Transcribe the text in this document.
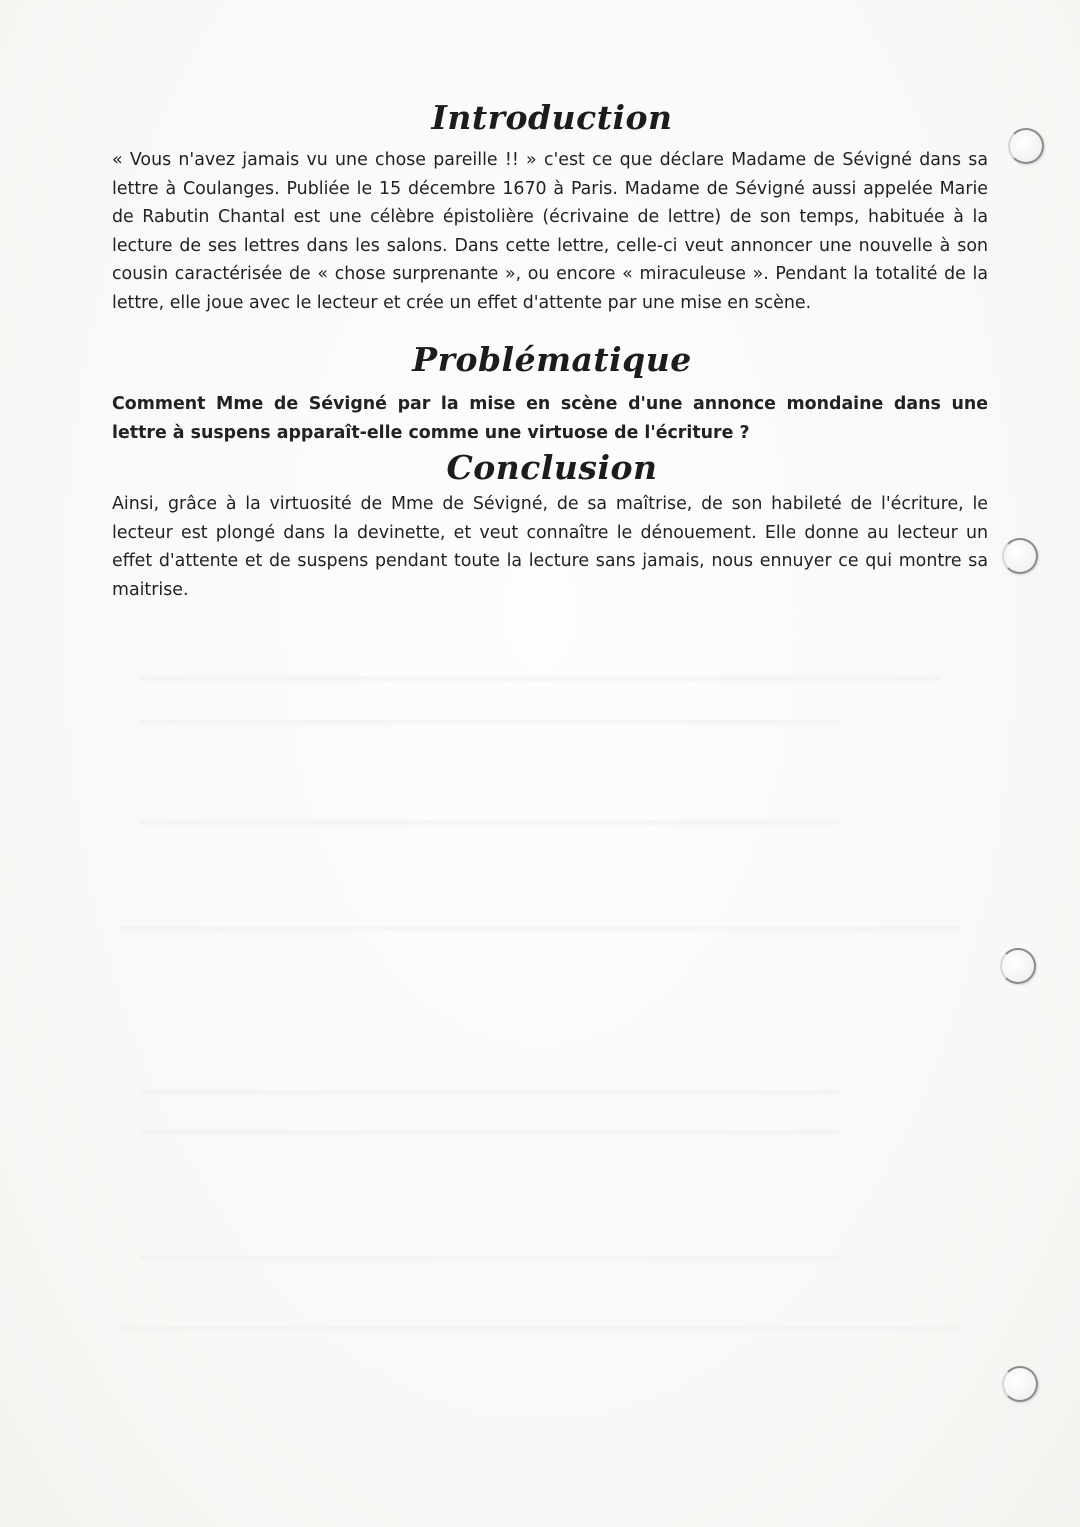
Introduction
« Vous n'avez jamais vu une chose pareille !! » c'est ce que déclare Madame de Sévigné dans sa lettre à Coulanges. Publiée le 15 décembre 1670 à Paris. Madame de Sévigné aussi appelée Marie de Rabutin Chantal est une célèbre épistolière (écrivaine de lettre) de son temps, habituée à la lecture de ses lettres dans les salons. Dans cette lettre, celle-ci veut annoncer une nouvelle à son cousin caractérisée de « chose surprenante », ou encore « miraculeuse ». Pendant la totalité de la lettre, elle joue avec le lecteur et crée un effet d'attente par une mise en scène.
Problématique
Comment Mme de Sévigné par la mise en scène d'une annonce mondaine dans une lettre à suspens apparaît-elle comme une virtuose de l'écriture ?
Conclusion
Ainsi, grâce à la virtuosité de Mme de Sévigné, de sa maîtrise, de son habileté de l'écriture, le lecteur est plongé dans la devinette, et veut connaître le dénouement. Elle donne au lecteur un effet d'attente et de suspens pendant toute la lecture sans jamais, nous ennuyer ce qui montre sa maitrise.
